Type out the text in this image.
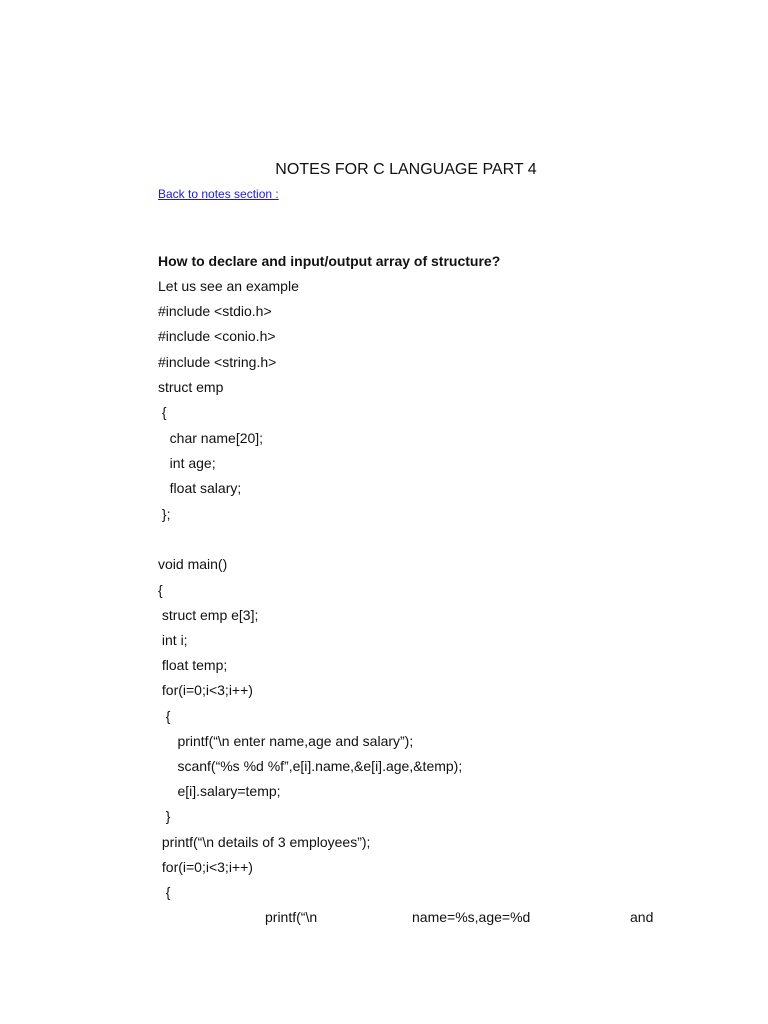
NOTES FOR C LANGUAGE PART 4
Back to notes section :
How to declare and input/output array of structure?
Let us see an example
#include <stdio.h>
#include <conio.h>
#include <string.h>
struct emp
{
char name[20];
int age;
float salary;
};
void main()
{
struct emp e[3];
int i;
float temp;
for(i=0;i<3;i++)
{
printf(“\n enter name,age and salary”);
scanf(“%s %d %f”,e[i].name,&e[i].age,&temp);
e[i].salary=temp;
}
printf(“\n details of 3 employees”);
for(i=0;i<3;i++)
{
printf(“\n	name=%s,age=%d	and
